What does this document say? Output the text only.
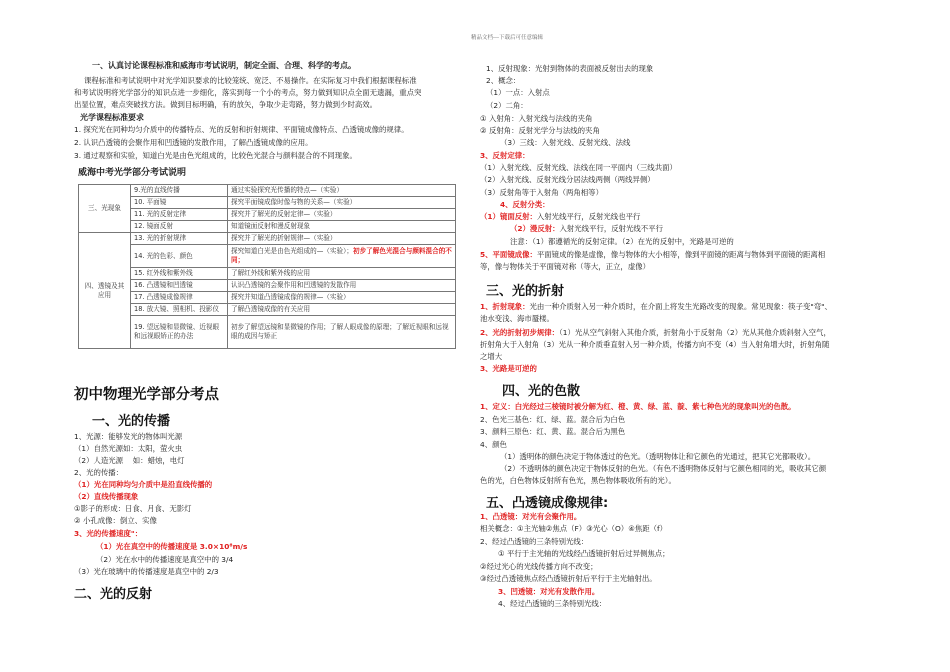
精品文档---下载后可任意编辑
一、认真讨论课程标准和威海市考试说明，制定全面、合理、科学的考点。
课程标准和考试说明中对光学知识要求的比较笼统、宽泛、不易操作。在实际复习中我们根据课程标准
和考试说明将光学部分的知识点进一步细化，落实到每一个小的考点，努力做到知识点全面无遗漏，重点突
出显位置，难点突破找方法。做到目标明确，有的放矢，争取少走弯路，努力做到少时高效。
光学课程标准要求
1. 探究光在同种均匀介质中的传播特点、光的反射和折射规律、平面镜成像特点、凸透镜成像的规律。
2. 认识凸透镜的会聚作用和凹透镜的发散作用，了解凸透镜成像的应用。
3. 通过观察和实验，知道白光是由色光组成的，比较色光混合与颜料混合的不同现象。
威海中考光学部分考试说明
三、光现象	9.光的直线传播	通过实验探究光传播的特点—（实验）
	10. 平面镜	探究平面镜成像时像与物的关系—（实验）
	11. 光的反射定律	探究并了解光的反射定律—（实验）
	12. 镜面反射	知道镜面反射和漫反射现象
四、透镜及其应用	13. 光的折射规律	探究并了解光的折射规律—（实验）
	14. 光的色彩、颜色	探究知道白光是由色光组成的—（实验）；初步了解色光混合与颜料混合的不同；
	15. 红外线和紫外线	了解红外线和紫外线的应用
	16. 凸透镜和凹透镜	认识凸透镜的会聚作用和凹透镜的发散作用
	17. 凸透镜成像规律	探究并知道凸透镜成像的规律—（实验）
	18. 放大镜、照相机、投影仪	了解凸透镜成像的有关应用
	19. 望远镜和显微镜、近视眼和远视眼矫正的办法	初步了解望远镜和显微镜的作用；了解人眼成像的原理；了解近视眼和远视眼的成因与矫正
初中物理光学部分考点
一、光的传播
1、光源：能够发光的物体叫光源
（1）自然光源如：太阳，萤火虫
（2）人造光源　 如：蜡烛，电灯
2、光的传播：
（1）光在同种均匀介质中是沿直线传播的
（2）直线传播现象
①影子的形成：日食、月食、无影灯
② 小孔成像：倒立、实像
3、光的传播速度"：
（1）光在真空中的传播速度是 3.0×10⁸m/s
（2）光在水中的传播速度是真空中的 3/4
（3）光在玻璃中的传播速度是真空中的 2/3
二、光的反射
1、反射现象：光射到物体的表面被反射出去的现象
2、概念：
（1）一点：入射点
（2）二角：
① 入射角：入射光线与法线的夹角
② 反射角：反射光学分与法线的夹角
（3）三线：入射光线、反射光线、法线
3、反射定律：
（1）入射光线、反射光线、法线在同一平面内（三线共面）
（2）入射光线、反射光线分居法线两侧（两线异侧）
（3）反射角等于入射角（两角相等）
4、反射分类：
（1）镜面反射：入射光线平行，反射光线也平行
（2）漫反射：入射光线平行，反射光线不平行
注意：（1）都遵循光的反射定律。（2）在光的反射中，光路是可逆的
5、平面镜成像：平面镜成的像是虚像，像与物体的大小相等，像到平面镜的距离与物体到平面镜的距离相
等，像与物体关于平面镜对称（等大，正立，虚像）
三、光的折射
1、折射现象：光由一种介质射入另一种介质时，在介面上将发生光路改变的现象。常见现象：筷子变"弯"、
池水变浅、海市蜃楼。
2、光的折射初步规律：（1）光从空气斜射入其他介质，折射角小于反射角（2）光从其他介质斜射入空气，
折射角大于入射角（3）光从一种介质垂直射入另一种介质，传播方向不变（4）当入射角增大时，折射角随
之增大
3、光路是可逆的
四、光的色散
1、定义：白光经过三棱镜时被分解为红、橙、黄、绿、蓝、靛、紫七种色光的现象叫光的色散。
2、色光三基色：红、绿、蓝。混合后为白色
3、颜料三原色：红、黄、蓝。混合后为黑色
4、颜色
（1）透明体的颜色决定于物体透过的色光。（透明物体让和它颜色的光通过，把其它光都吸收）。
（2）不透明体的颜色决定于物体反射的色光。（有色不透明物体反射与它颜色相同的光，吸收其它颜
色的光，白色物体反射所有色光，黑色物体吸收所有的光）。
五、凸透镜成像规律:
1、凸透镜：对光有会聚作用。
相关概念：①主光轴②焦点（F）③光心（O）④焦距（f）
2、经过凸透镜的三条特别光线：
① 平行于主光轴的光线经凸透镜折射后过异侧焦点；
②经过光心的光线传播方向不改变；
③经过凸透镜焦点经凸透镜折射后平行于主光轴射出。
3、凹透镜：对光有发散作用。
4、经过凸透镜的三条特别光线：
